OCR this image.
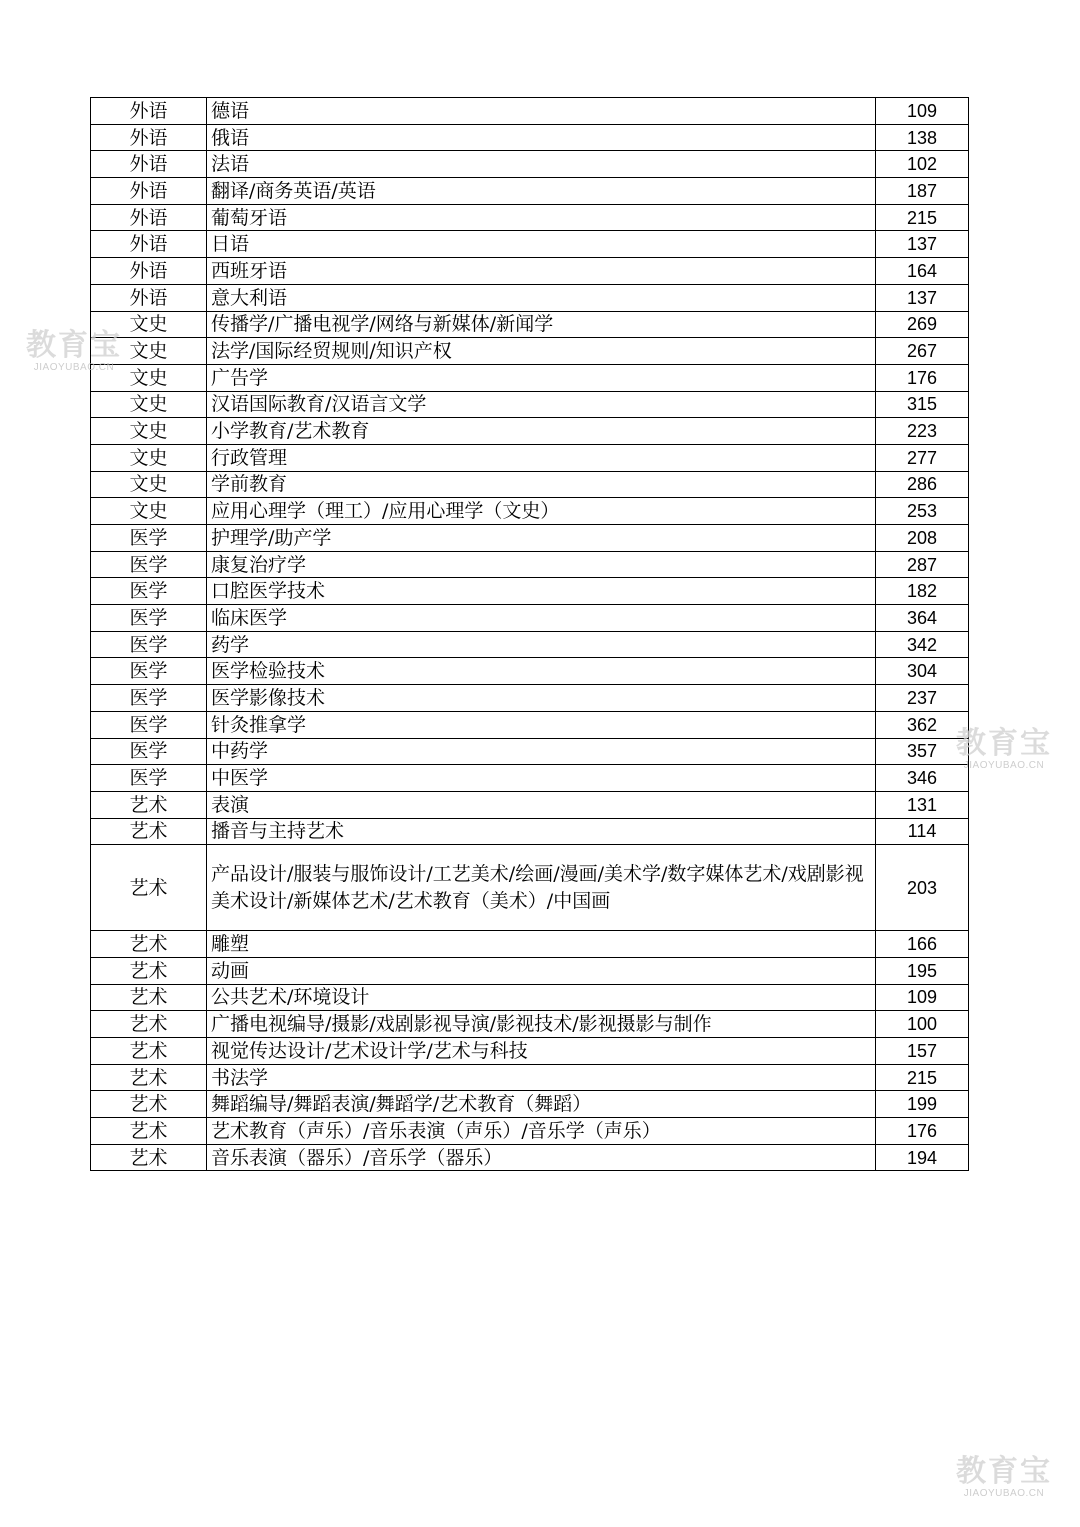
外语	德语	109
外语	俄语	138
外语	法语	102
外语	翻译/商务英语/英语	187
外语	葡萄牙语	215
外语	日语	137
外语	西班牙语	164
外语	意大利语	137
文史	传播学/广播电视学/网络与新媒体/新闻学	269
文史	法学/国际经贸规则/知识产权	267
文史	广告学	176
文史	汉语国际教育/汉语言文学	315
文史	小学教育/艺术教育	223
文史	行政管理	277
文史	学前教育	286
文史	应用心理学（理工）/应用心理学（文史）	253
医学	护理学/助产学	208
医学	康复治疗学	287
医学	口腔医学技术	182
医学	临床医学	364
医学	药学	342
医学	医学检验技术	304
医学	医学影像技术	237
医学	针灸推拿学	362
医学	中药学	357
医学	中医学	346
艺术	表演	131
艺术	播音与主持艺术	114
艺术	产品设计/服装与服饰设计/工艺美术/绘画/漫画/美术学/数字媒体艺术/戏剧影视美术设计/新媒体艺术/艺术教育（美术）/中国画	203
艺术	雕塑	166
艺术	动画	195
艺术	公共艺术/环境设计	109
艺术	广播电视编导/摄影/戏剧影视导演/影视技术/影视摄影与制作	100
艺术	视觉传达设计/艺术设计学/艺术与科技	157
艺术	书法学	215
艺术	舞蹈编导/舞蹈表演/舞蹈学/艺术教育（舞蹈）	199
艺术	艺术教育（声乐）/音乐表演（声乐）/音乐学（声乐）	176
艺术	音乐表演（器乐）/音乐学（器乐）	194
教育宝
JIAOYUBAO.CN
教育宝
JIAOYUBAO.CN
教育宝
JIAOYUBAO.CN
